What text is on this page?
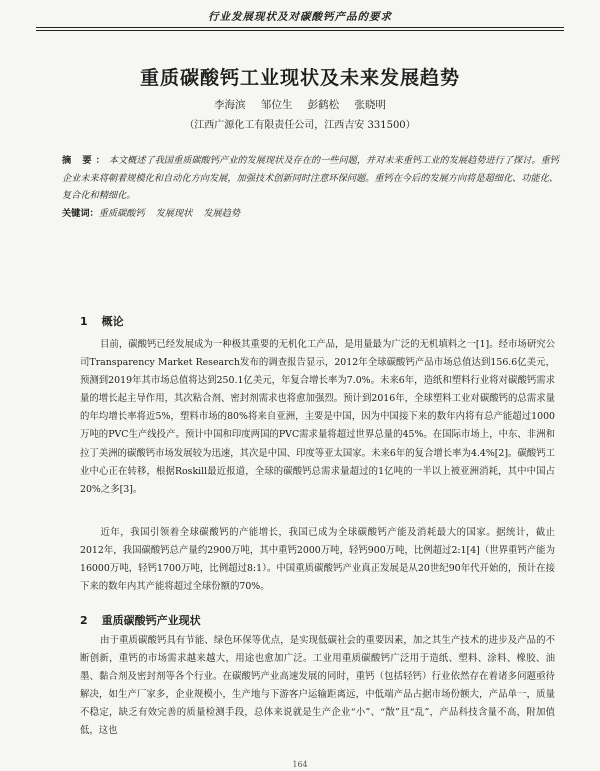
行业发展现状及对碳酸钙产品的要求
重质碳酸钙工业现状及未来发展趋势
李海滨 邹位生 彭鹤松 张晓明
（江西广源化工有限责任公司，江西吉安 331500）
摘 要：本文概述了我国重质碳酸钙产业的发展现状及存在的一些问题，并对未来重钙工业的发展趋势进行了探讨。重钙企业未来将朝着规模化和自动化方向发展，加强技术创新同时注意环保问题。重钙在今后的发展方向将是超细化、功能化、复合化和精细化。
关键词：重质碳酸钙 发展现状 发展趋势
1 概论
目前，碳酸钙已经发展成为一种极其重要的无机化工产品，是用量最为广泛的无机填料之一[1]。经市场研究公司Transparency Market Research发布的调查报告显示，2012年全球碳酸钙产品市场总值达到156.6亿美元，预测到2019年其市场总值将达到250.1亿美元，年复合增长率为7.0%。未来6年，造纸和塑料行业将对碳酸钙需求量的增长起主导作用，其次粘合剂、密封剂需求也将愈加强烈。预计到2016年，全球塑料工业对碳酸钙的总需求量的年均增长率将近5%，塑料市场的80%将来自亚洲，主要是中国，因为中国接下来的数年内将有总产能超过1000万吨的PVC生产线投产。预计中国和印度两国的PVC需求量将超过世界总量的45%。在国际市场上，中东、非洲和拉丁美洲的碳酸钙市场发展较为迅速，其次是中国、印度等亚太国家。未来6年的复合增长率为4.4%[2]。碳酸钙工业中心正在转移，根据Roskill最近报道，全球的碳酸钙总需求量超过的1亿吨的一半以上被亚洲消耗，其中中国占20%之多[3]。
近年，我国引领着全球碳酸钙的产能增长，我国已成为全球碳酸钙产能及消耗最大的国家。据统计，截止2012年，我国碳酸钙总产量约2900万吨，其中重钙2000万吨，轻钙900万吨，比例超过2:1[4]（世界重钙产能为16000万吨，轻钙1700万吨，比例超过8:1）。中国重质碳酸钙产业真正发展是从20世纪90年代开始的，预计在接下来的数年内其产能将超过全球份额的70%。
2 重质碳酸钙产业现状
由于重质碳酸钙具有节能、绿色环保等优点，是实现低碳社会的重要因素，加之其生产技术的进步及产品的不断创新，重钙的市场需求越来越大，用途也愈加广泛。工业用重质碳酸钙广泛用于造纸、塑料、涂料、橡胶、油墨、黏合剂及密封剂等各个行业。在碳酸钙产业高速发展的同时，重钙（包括轻钙）行业依然存在着诸多问题亟待解决，如生产厂家多，企业规模小，生产地与下游客户运输距离远，中低端产品占据市场份额大，产品单一，质量不稳定，缺乏有效完善的质量检测手段，总体来说就是生产企业“小”、“散”且“乱”，产品科技含量不高，附加值低，这也
164
